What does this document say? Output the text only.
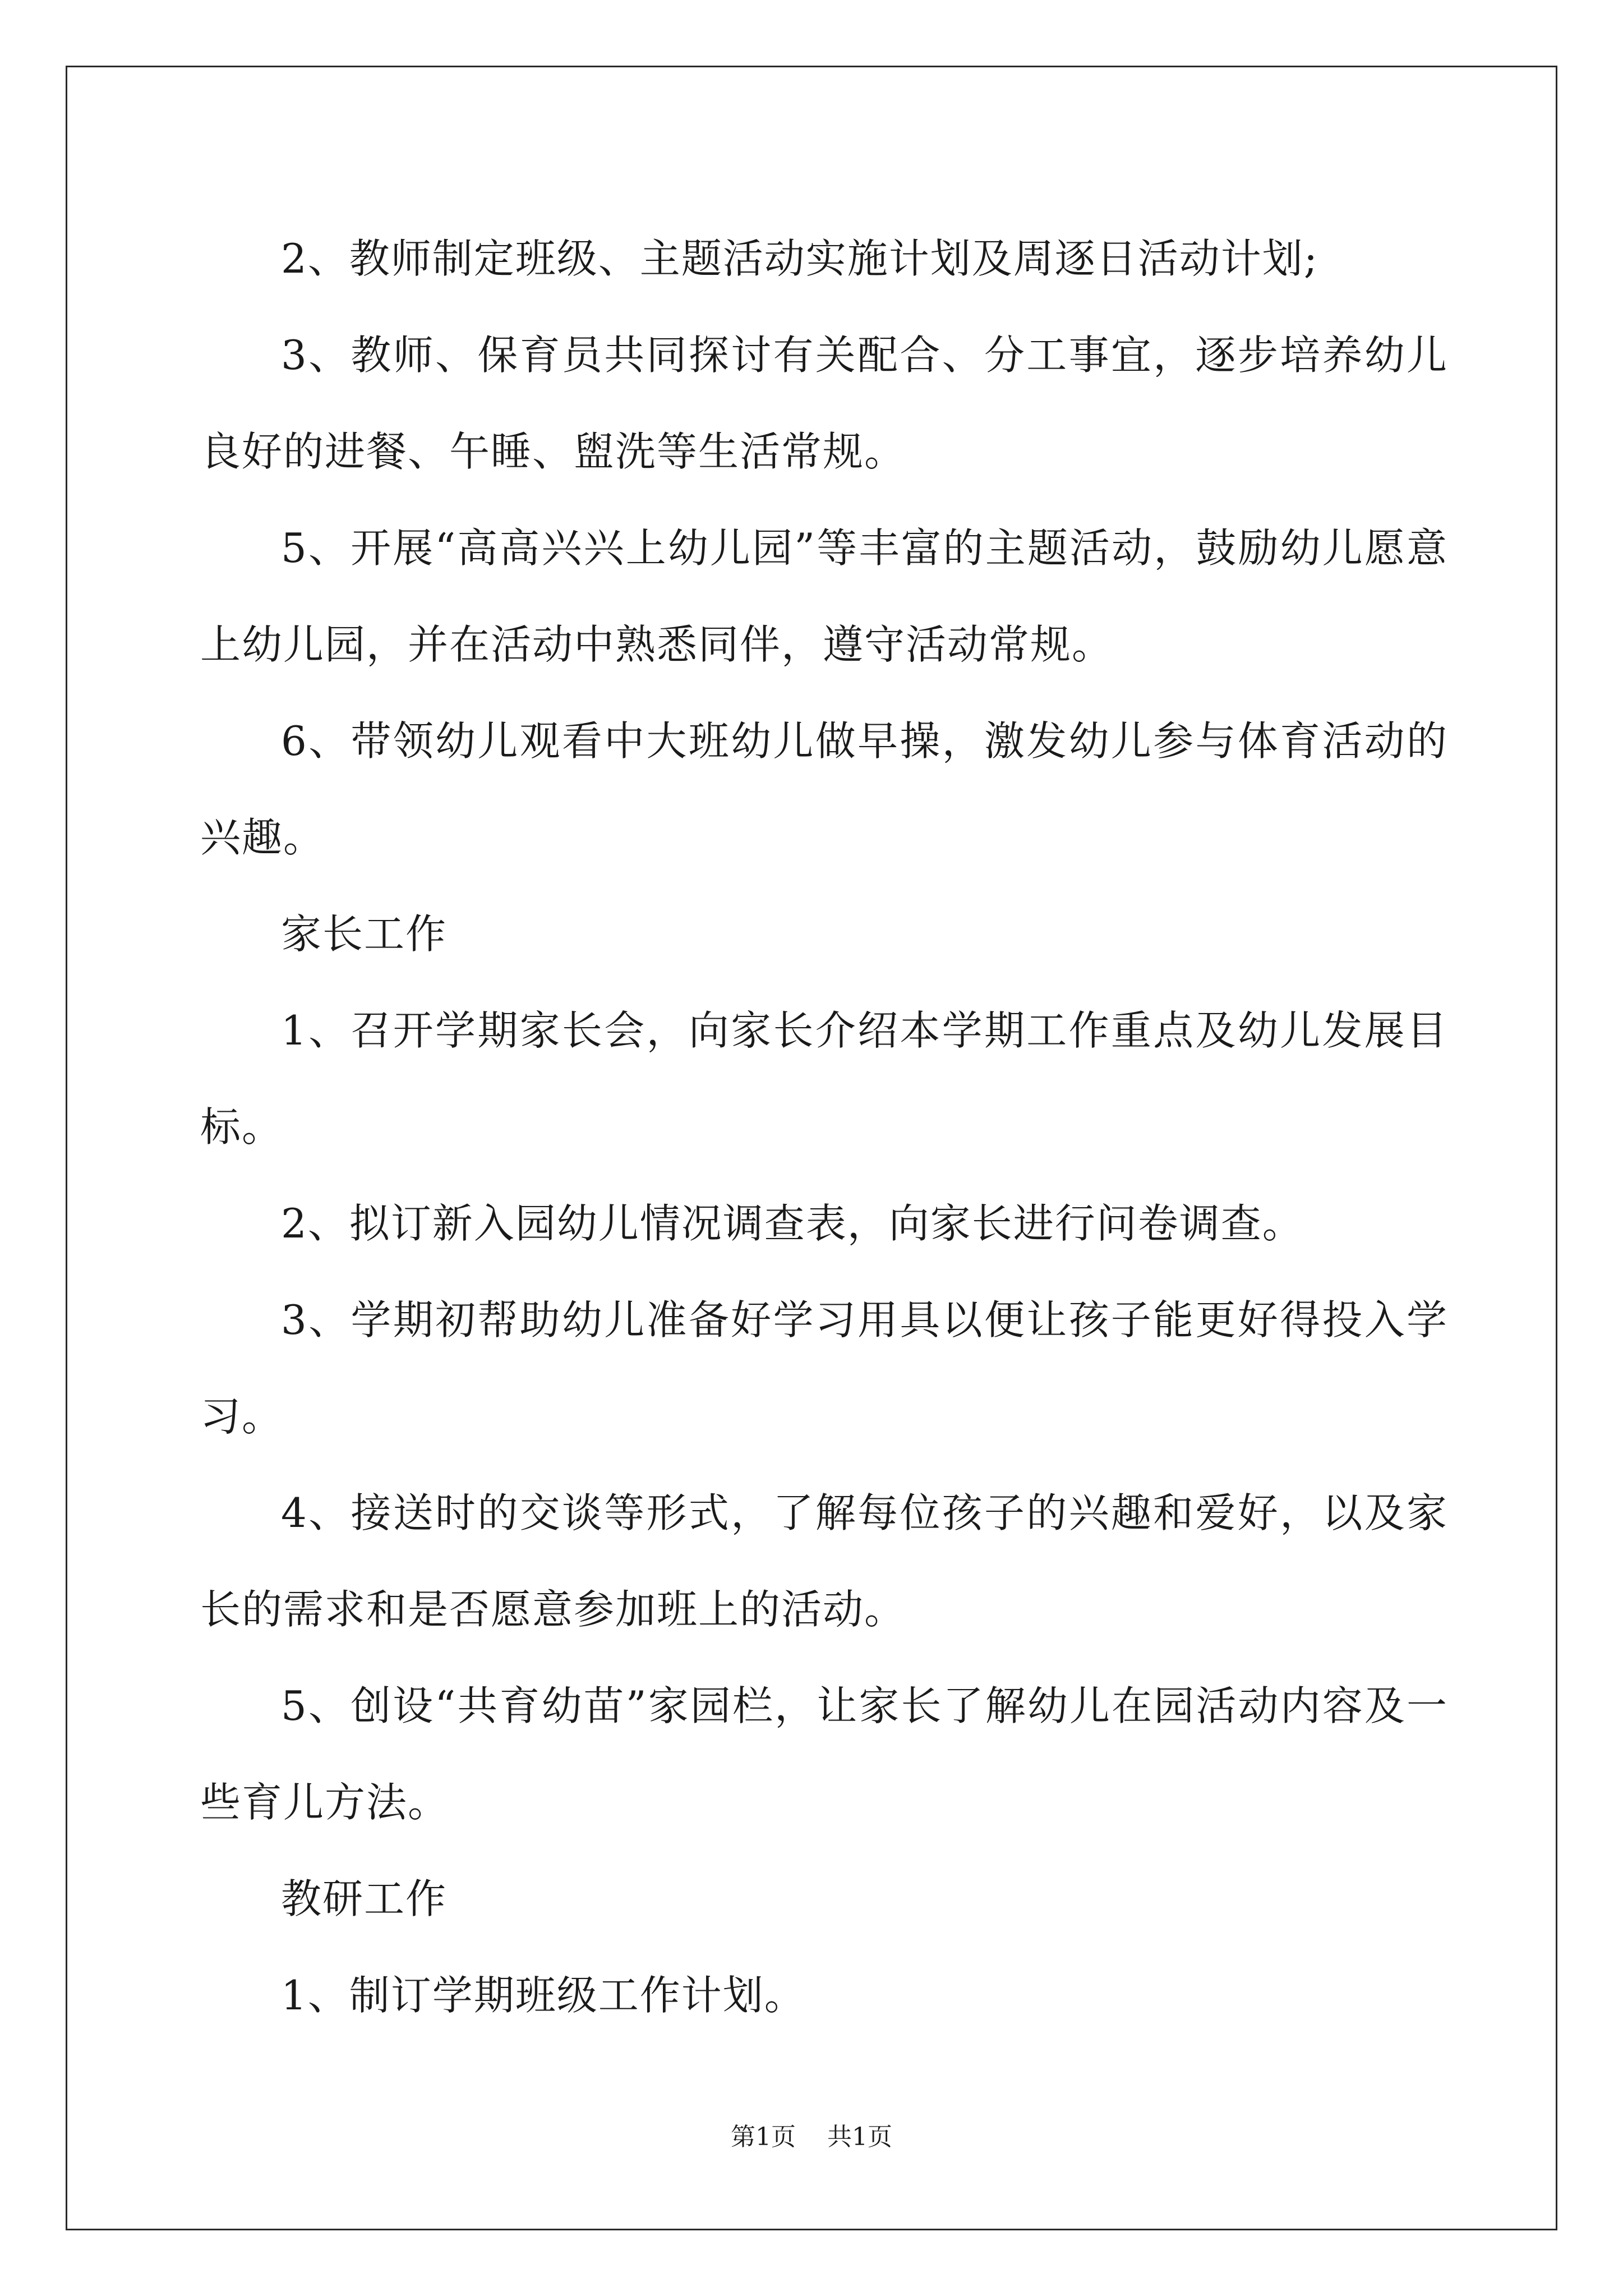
2、教师制定班级、主题活动实施计划及周逐日活动计划;

3、教师、保育员共同探讨有关配合、分工事宜，逐步培养幼儿良好的进餐、午睡、盥洗等生活常规。

5、开展“高高兴兴上幼儿园”等丰富的主题活动，鼓励幼儿愿意上幼儿园，并在活动中熟悉同伴，遵守活动常规。

6、带领幼儿观看中大班幼儿做早操，激发幼儿参与体育活动的兴趣。

家长工作

1、召开学期家长会，向家长介绍本学期工作重点及幼儿发展目标。

2、拟订新入园幼儿情况调查表，向家长进行问卷调查。

3、学期初帮助幼儿准备好学习用具以便让孩子能更好得投入学习。

4、接送时的交谈等形式，了解每位孩子的兴趣和爱好，以及家长的需求和是否愿意参加班上的活动。

5、创设“共育幼苗”家园栏，让家长了解幼儿在园活动内容及一些育儿方法。

教研工作

1、制订学期班级工作计划。

第1页 共1页
